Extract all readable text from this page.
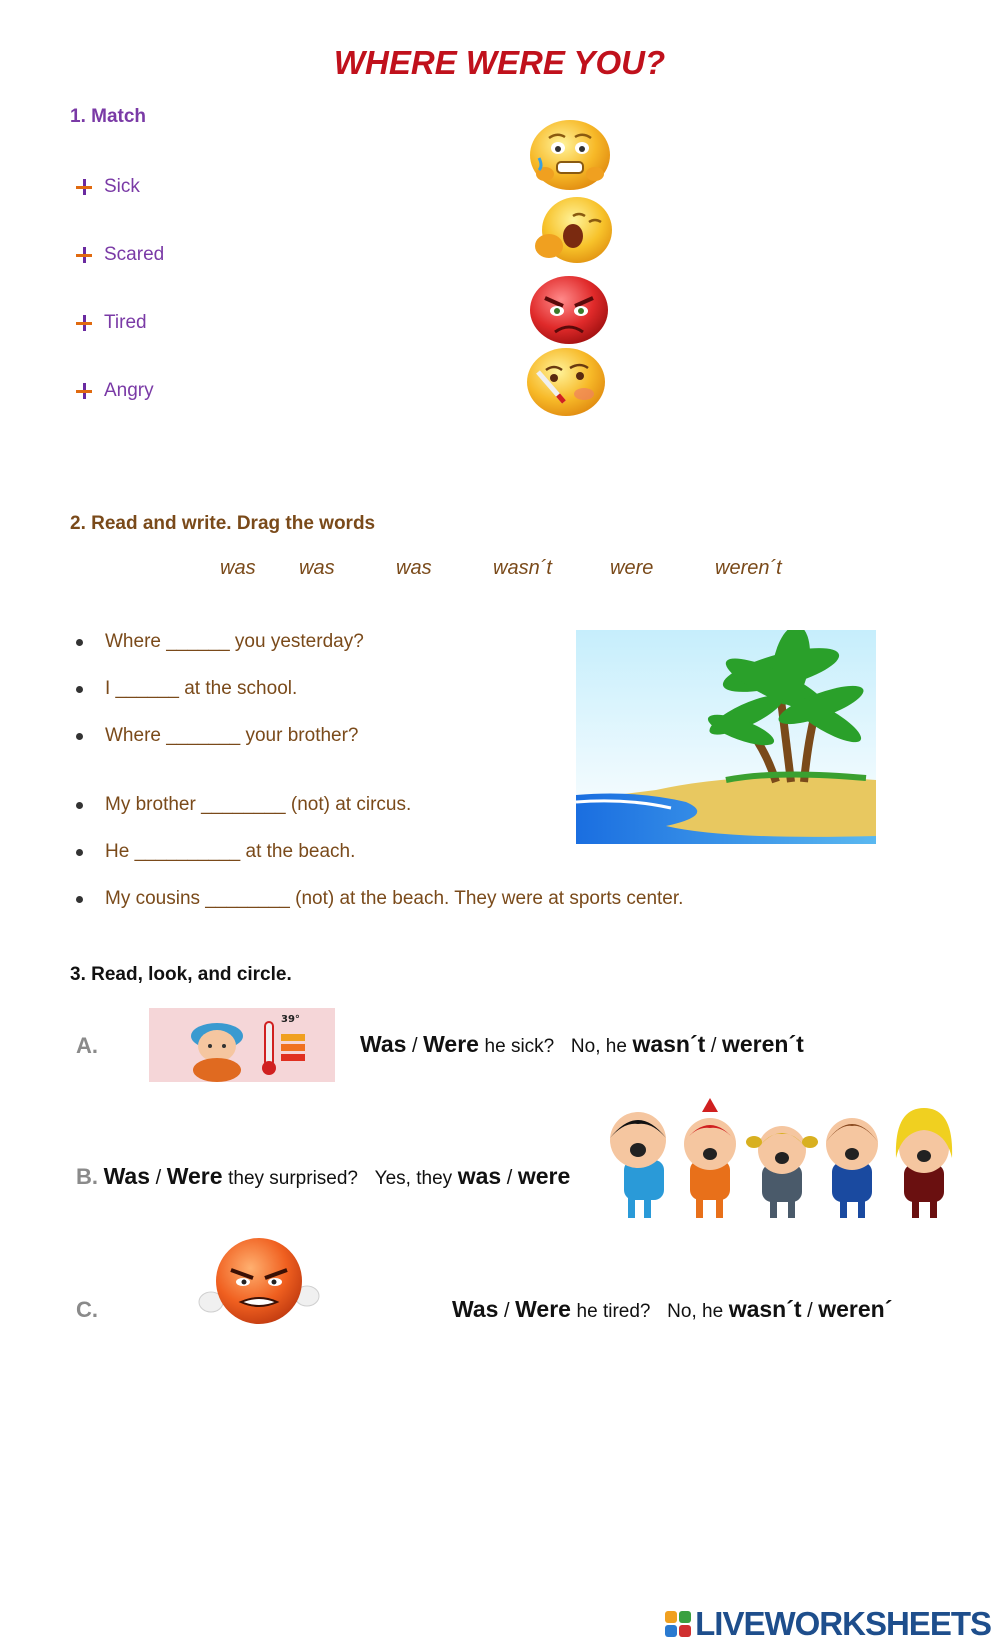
WHERE WERE YOU?
1. Match
Sick
Scared
Tired
Angry
2. Read and write. Drag the words
was was	was	wasn´t	were	weren´t
Where ______ you yesterday?
I ______ at the school.
Where _______ your brother?
My brother ________ (not) at circus.
He __________ at the beach.
My cousins ________ (not) at the beach. They were at sports center.
3. Read, look, and circle.
A.
39°
Was / Were he sick? No, he wasn´t / weren´t
B. Was / Were they surprised? Yes, they was / were
C.	Was / Were he tired? No, he wasn´t / weren´
LIVEWORKSHEETS
